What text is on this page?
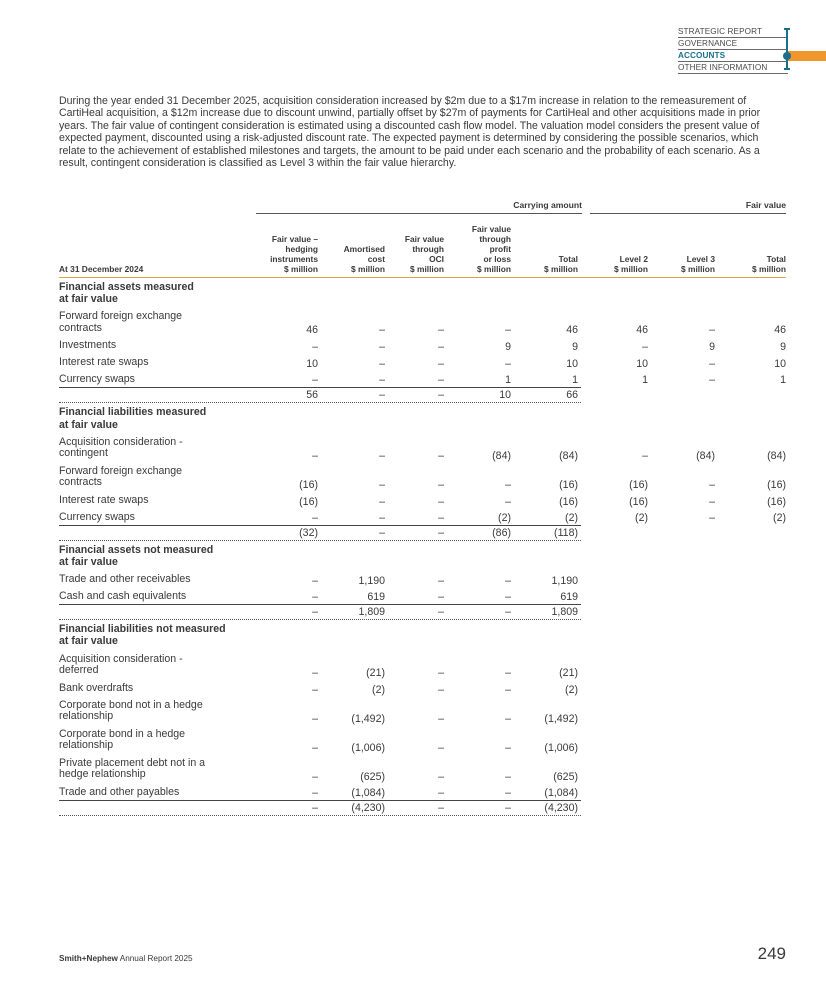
STRATEGIC REPORT
GOVERNANCE
ACCOUNTS
OTHER INFORMATION

During the year ended 31 December 2025, acquisition consideration increased by $2m due to a $17m increase in relation to the remeasurement of CartiHeal acquisition, a $12m increase due to discount unwind, partially offset by $27m of payments for CartiHeal and other acquisitions made in prior years. The fair value of contingent consideration is estimated using a discounted cash flow model. The valuation model considers the present value of expected payment, discounted using a risk-adjusted discount rate. The expected payment is determined by considering the possible scenarios, which relate to the achievement of established milestones and targets, the amount to be paid under each scenario and the probability of each scenario. As a result, contingent consideration is classified as Level 3 within the fair value hierarchy.

Carrying amount	Fair value
At 31 December 2024
Fair value –
hedging
instruments
$ million
Amortised
cost
$ million
Fair value
through
OCI
$ million
Fair value
through
profit
or loss
$ million
Total
$ million
Level 2
$ million
Level 3
$ million
Total
$ million
Financial assets measured
at fair value
Forward foreign exchange
contracts	46	–	–	–	46	46	–	46
Investments	–	–	–	9	9	–	9	9
Interest rate swaps	10	–	–	–	10	10	–	10
Currency swaps	–	–	–	1	1	1	–	1
56	–	–	10	66
Financial liabilities measured
at fair value
Acquisition consideration -
contingent	–	–	–	(84)	(84)	–	(84)	(84)
Forward foreign exchange
contracts	(16)	–	–	–	(16)	(16)	–	(16)
Interest rate swaps	(16)	–	–	–	(16)	(16)	–	(16)
Currency swaps	–	–	–	(2)	(2)	(2)	–	(2)
(32)	–	–	(86)	(118)
Financial assets not measured
at fair value
Trade and other receivables	–	1,190	–	–	1,190
Cash and cash equivalents	–	619	–	–	619
–	1,809	–	–	1,809
Financial liabilities not measured
at fair value
Acquisition consideration -
deferred	–	(21)	–	–	(21)
Bank overdrafts	–	(2)	–	–	(2)
Corporate bond not in a hedge
relationship	–	(1,492)	–	–	(1,492)
Corporate bond in a hedge
relationship	–	(1,006)	–	–	(1,006)
Private placement debt not in a
hedge relationship	–	(625)	–	–	(625)
Trade and other payables	–	(1,084)	–	–	(1,084)
–	(4,230)	–	–	(4,230)
Smith+Nephew Annual Report 2025	249
